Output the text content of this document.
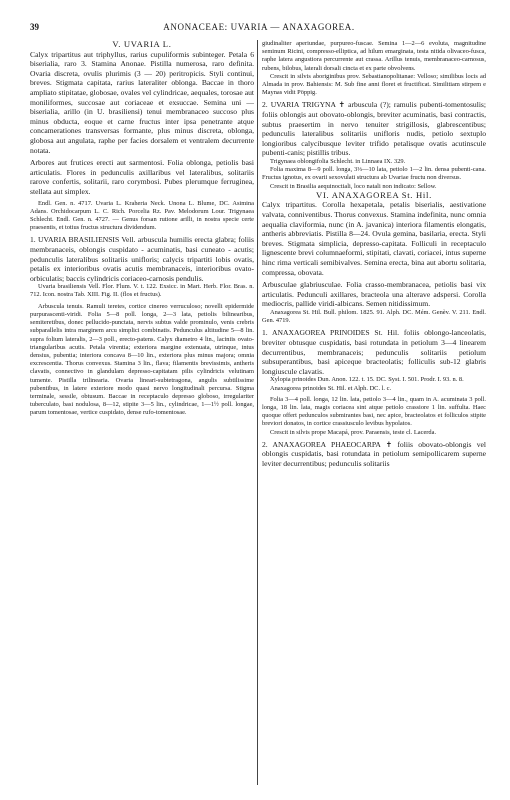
39	ANONACEAE: UVARIA — ANAXAGOREA.

V. UVARIA L.

Calyx tripartitus aut triphyllus, rarius cupuliformis subinteger. Petala 6 biserialia, raro 3. Stamina Anonae. Pistilla numerosa, raro definita. Ovaria discreta, ovulis plurimis (3 — 20) peritropicis. Styli continui, breves. Stigmata capitata, rarius lateraliter oblonga. Baccae in thoro ampliato stipitatae, globosae, ovales vel cylindricae, aequales, torosae aut moniliformes, succosae aut coriaceae et exsuccae. Semina uni — biserialia, arillo (in U. brasiliensi) tenui membranaceo succoso plus minus obducta, eoque et carne fructus inter ipsa penetrante atque concamerationes transversas formante, plus minus discreta, oblonga, globosa aut angulata, raphe per facies dorsalem et ventralem decurrente notata.

Arbores aut frutices erecti aut sarmentosi. Folia oblonga, petiolis basi articulatis. Flores in pedunculis axillaribus vel lateralibus, solitariis rarove confertis, solitarii, raro corymbosi. Pubes plerumque ferruginea, stellata aut simplex.

Endl. Gen. n. 4717. Uvaria L. Kraheria Neck. Unona L. Blume, DC. Asimina Adans. Orchidocarpum L. C. Rich. Porcelia Rz. Pav. Melodorum Lour. Trigynaea Schlecht. Endl. Gen. n. 4727. — Genus forsan rutione arilli, in nostra specie certe praesentis, et totius fructus structura dividendum.

1. UVARIA BRASILIENSIS Vell. arbuscula humilis erecta glabra; foliis membranaceis, oblongis cuspidato - acuminatis, basi cuneato - acutis; pedunculis lateralibus solitariis unifloris; calycis tripartiti lobis ovatis, petalis ex interioribus ovatis acutis membranaceis, interioribus ovato-orbiculatis; baccis cylindricis coriaceo-carnosis pendulis.

Uvaria brasiliensis Vell. Flor. Flum. V. t. 122. Exsicc. in Mart. Herb. Flor. Bras. n. 712. Icon. nostra Tab. XIII. Fig. II. (flos et fructus).

Arbuscula tenuis. Ramuli teretes, cortice cinereo verruculoso; novelli epidermide purpurascenti-viridi. Folia 5—8 poll. longa, 2—3 lata, petiolis bilinearibus, semiteretibus, donec pellucido-punctata, nervis subtus valde prominulo, venis crebris subparallelis intra marginem arcu simplici combinatis. Pedunculus altitudine 5—8 lin. supra folium lateralis, 2—3 poll., erecto-patens. Calyx diametro 4 lin., laciniis ovato-triangularibus acutis. Petala virentia; exteriora margine extenuata, utrinque, intus densius, pubentia; interiora concava 8—10 lin., exteriora plus minus majora; omnia excrescentia. Thorus convexus. Stamina 3 lin., flava; filamentis brevissimis, antheris clavatis, connectivo in glandulam depresso-capitatam pilis cylindricis velutinam tumente. Pistilla trilinearia. Ovaria lineari-subtetragona, angulis subtilissime pubentibus, in latere exteriore modo quasi nervo longitudinali percursa. Stigma terminale, sessile, obtusum. Baccae in receptaculo depresso globoso, irregulariter tuberculato, basi nodulosa, 8—12, stipite 3—5 lin., cylindricae, 1—1½ poll. longae, parum tomentosae, vertice cuspidato, dense rufo-tomentosae.

giudinaliter aperiundae, purpureo-fuscae. Semina 1—2—6 evoluta, magnitudine seminum Ricini, compresso-elliptica, ad hilum emarginata, testa nitida olivaceo-fusca, raphe latera angustiora percurrente aut crassa. Arillus tenuis, membranaceo-carnosus, rubens, bilobus, laterali dorsali cincta et ex parte obvolvens.

Crescit in silvis aboriginibus prov. Sebastianopolitanae: Velloso; similibus locis ad Almada in prov. Bahiensis: M. Sub fine anni floret et fructificat. Similitiam stirpem e Maynas vidit Pöppig.

2. UVARIA TRIGYNA ✝ arbuscula (?); ramulis pubenti-tomentosulis; foliis oblongis aut obovato-oblongis, breviter acuminatis, basi contractis, subtus praesertim in nervo tenuiter strigillosis, glabrescentibus; pedunculis lateralibus solitariis unifloris nudis, petiolo sextuplo longioribus calycibusque leviter trifido petalisque ovatis acutinscule pubenti-canis; pistillis tribus.

Trigynaea oblongifolia Schlecht. in Linnaea IX. 329.

Folia maxima 8—9 poll. longa, 3⅓—10 lata, petiolo 1—2 lin. densa pubenti-cana. Fructus ignotus, ex ovarii sexovulati structura ab Uvariae fructu non diversus.

Crescit in Brasilia aequinoctiali, loco natali non indicato: Sellow.

VI. ANAXAGOREA St. Hil.

Calyx tripartitus. Corolla hexapetala, petalis biserialis, aestivatione valvata, conniventibus. Thorus convexus. Stamina indefinita, nunc omnia aequalia claviformia, nunc (in A. javanica) interiora filamentis elongatis, antheris abbreviatis. Pistilla 8—24. Ovula gemina, basilaria, erecta. Styli breves. Stigmata simplicia, depresso-capitata. Folliculi in receptaculo lignescente brevi columnaeformi, stipitati, clavati, coriacei, intus superne hinc rima verticali semibivalves. Semina erecta, bina aut abortu solitaria, compressa, obovata.

Arbusculae glabriusculae. Folia crasso-membranacea, petiolis basi vix articulatis. Pedunculi axillares, bracteola una alterave adspersi. Corolla mediocris, pallide viridi-albicans. Semen nitidissimum.

Anaxagorea St. Hil. Bull. philom. 1825. 91. Alph. DC. Mém. Genèv. V. 211. Endl. Gen. 4719.

1. ANAXAGOREA PRINOIDES St. Hil. foliis oblongo-lanceolatis, breviter obtusque cuspidatis, basi rotundata in petiolum 3—4 linearem decurrentibus, membranaceis; pedunculis solitariis petiolum subsuperantibus, basi apiceque bracteolatis; folliculis sub-12 glabris longiuscule clavatis.

Xylopia prinoides Dun. Anon. 122. t. 15. DC. Syst. I. 501. Prodr. I. 93. n. 8.

Anaxagorea prinoides St. Hil. et Alph. DC. l. c.

Folia 3—4 poll. longa, 12 lin. lata, petiolo 3—4 lin., quam in A. acuminata 3 poll. longa, 18 lin. lata, magis coriacea sint atque petiolo crassiore 1 lin. suffulta. Haec quoque offert pedunculos submirantes basi, nec apice, bracteolatos et folliculos stipite breviori donatos, in cortice crassiusculo levibus hypolatos.

Crescit in silvis prope Macapá, prov. Paraensis, teste cl. Lacerda.

2. ANAXAGOREA PHAEOCARPA ✝ foliis obovato-oblongis vel oblongis cuspidatis, basi rotundata in petiolum semipollicarem superne leviter decurrentibus; pedunculis solitariis
